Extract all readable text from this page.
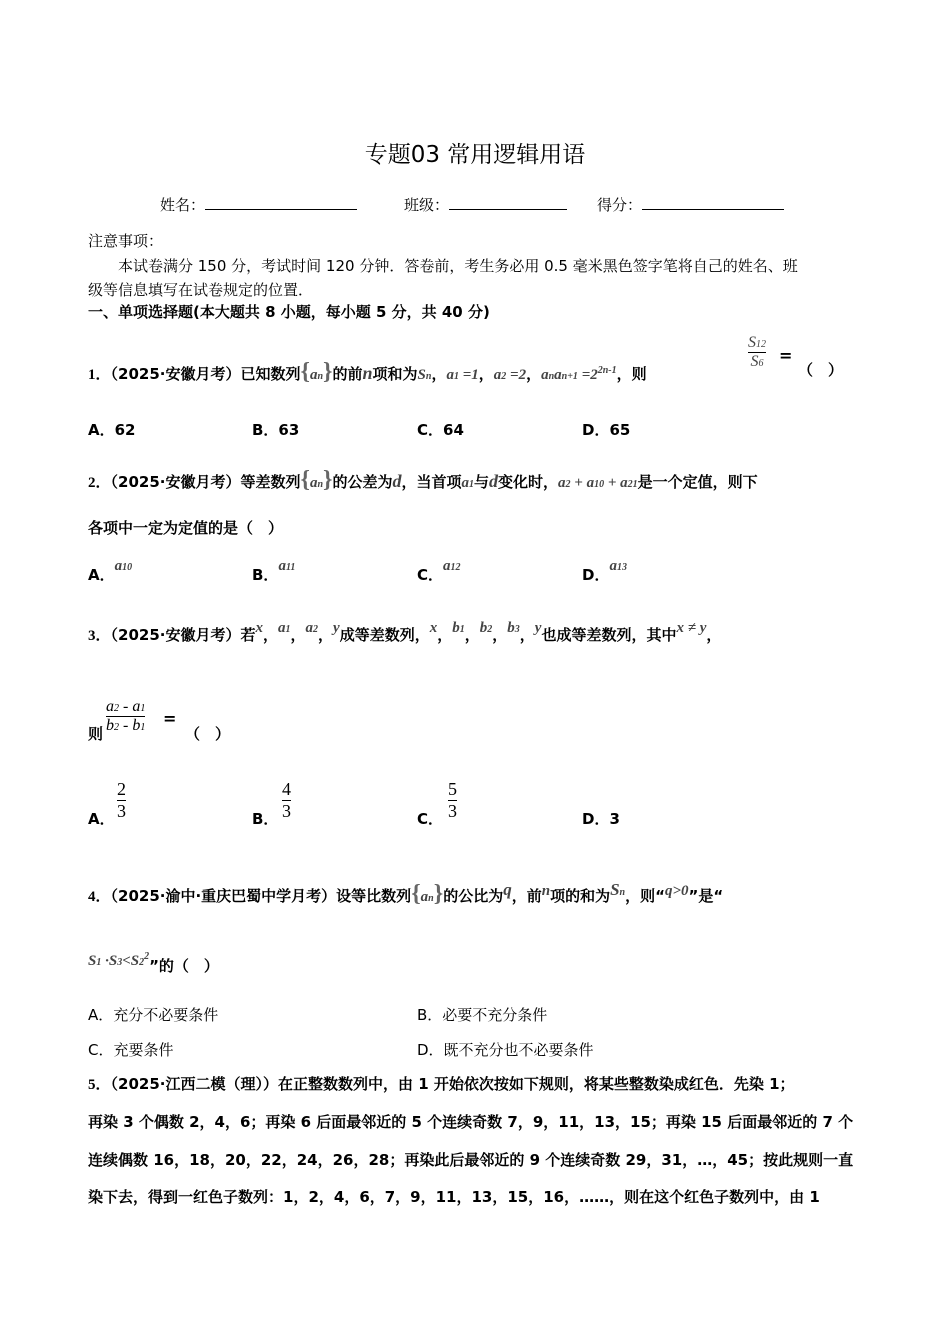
专题03 常用逻辑用语
姓名：	班级：	得分：
注意事项：
本试卷满分 150 分，考试时间 120 分钟．答卷前，考生务必用 0.5 毫米黑色签字笔将自己的姓名、班
级等信息填写在试卷规定的位置．
一、单项选择题(本大题共 8 小题，每小题 5 分，共 40 分)
1．（2025·安徽月考）已知数列{an}的前n项和为Sn，a1 =1，a2 =2，anan+1 $=2^{2n-1}$，则
$\frac{S12}{S6}$ =
（　）
A．62	B．63	C．64	D．65
2．（2025·安徽月考）等差数列{an}的公差为d，当首项a1与d变化时，a2 + a10 + a21是一个定值，则下
各项中一定为定值的是（　）
A．a10	B．a11	C．a12	D．a13
3．（2025·安徽月考）若x，a1，a2，y成等差数列，x，b1，b2，b3，y也成等差数列，其中x ≠ y，
则 $\frac{a2 - a1}{b2 - b1}$ =
（　）
A． $\frac{2}{3}$	B． $\frac{4}{3}$	C． $\frac{5}{3}$	D．3
4．（2025·渝中·重庆巴蜀中学月考）设等比数列{an}的公比为q，前n项的和为Sn，则“q>0”是“
$S1 \cdot S3<S2^2$”的（　）
A．充分不必要条件	B．必要不充分条件
C．充要条件	D．既不充分也不必要条件
5．（2025·江西二模（理））在正整数数列中，由 1 开始依次按如下规则，将某些整数染成红色．先染 1；
再染 3 个偶数 2，4，6；再染 6 后面最邻近的 5 个连续奇数 7，9，11，13，15；再染 15 后面最邻近的 7 个
连续偶数 16，18，20，22，24，26，28；再染此后最邻近的 9 个连续奇数 29，31，…，45；按此规则一直
染下去，得到一红色子数列：1，2，4，6，7，9，11，13，15，16，……，则在这个红色子数列中，由 1
